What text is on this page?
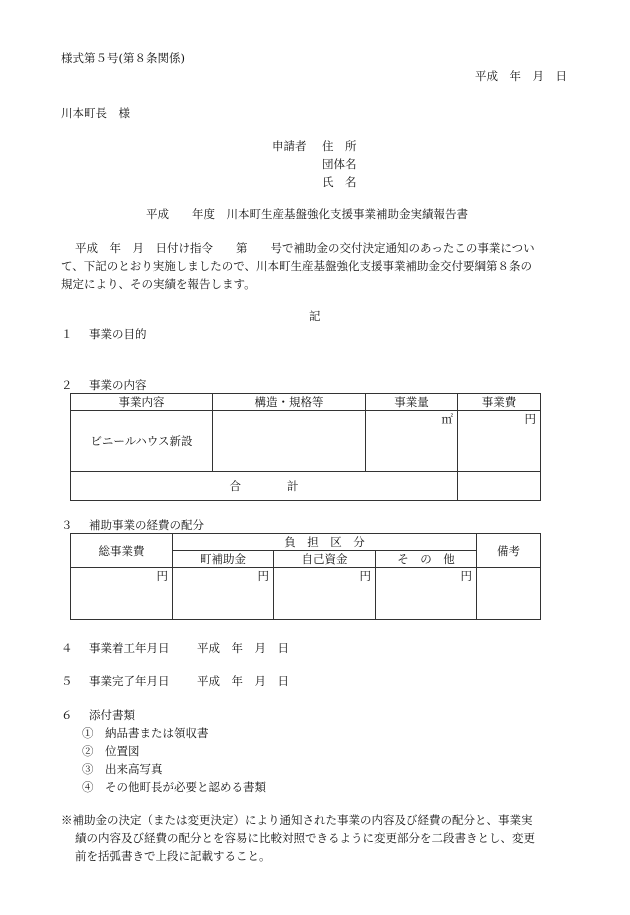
様式第５号(第８条関係)
平成　年　月　日
川本町長　様
申請者 住　所
団体名
氏　名
平成　　年度　川本町生産基盤強化支援事業補助金実績報告書
平成　年　月　日付け指令　　第　　号で補助金の交付決定通知のあったこの事業につい
て、下記のとおり実施しましたので、川本町生産基盤強化支援事業補助金交付要綱第８条の
規定により、その実績を報告します。
記
１ 事業の目的
２ 事業の内容
事業内容	構造・規格等	事業量	事業費
ビニールハウス新設		㎡	円
合　　　　計			
３ 補助事業の経費の配分
総事業費	負　担　区　分			備考
	町補助金	自己資金	そ　の　他	
円	円	円	円	
４ 事業着工年月日 平成　年　月　日
５ 事業完了年月日 平成　年　月　日
６ 添付書類
①　納品書または領収書
②　位置図
③　出来高写真
④　その他町長が必要と認める書類
※補助金の決定（または変更決定）により通知された事業の内容及び経費の配分と、事業実
績の内容及び経費の配分とを容易に比較対照できるように変更部分を二段書きとし、変更
前を括弧書きで上段に記載すること。
